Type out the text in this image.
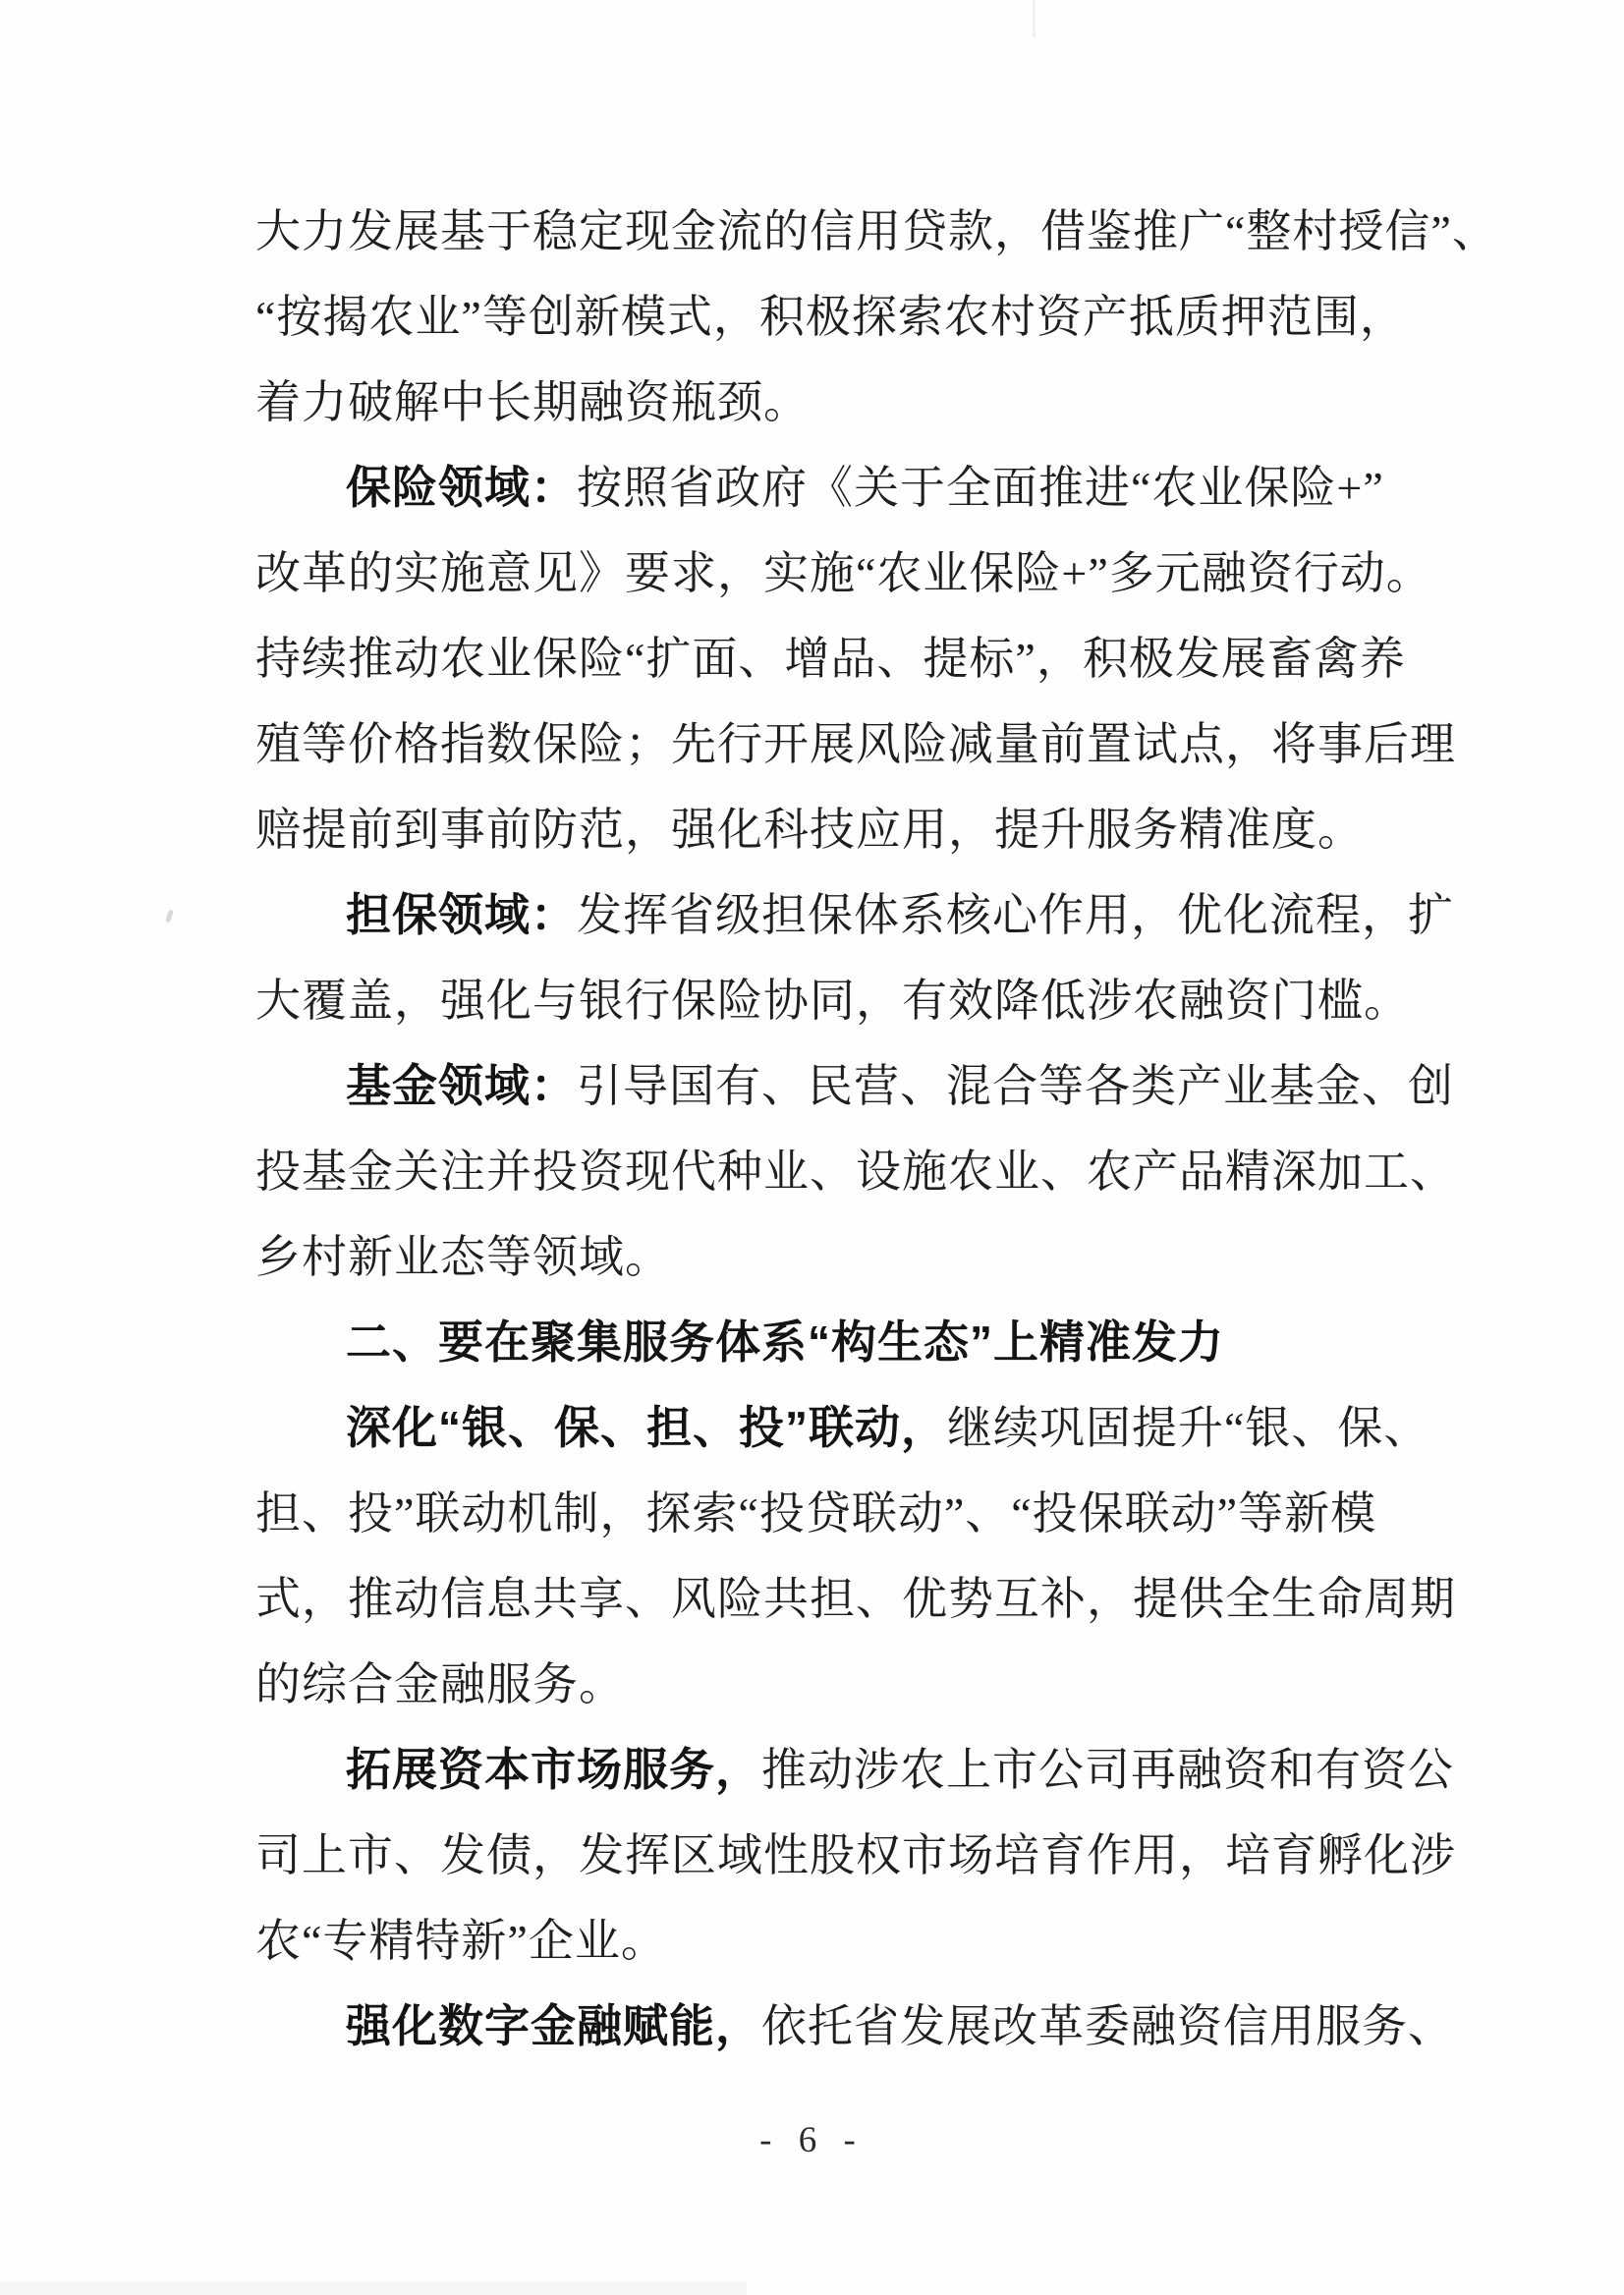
大力发展基于稳定现金流的信用贷款，借鉴推广“整村授信”、
“按揭农业”等创新模式，积极探索农村资产抵质押范围，
着力破解中长期融资瓶颈。
保险领域：按照省政府《关于全面推进“农业保险+”
改革的实施意见》要求，实施“农业保险+”多元融资行动。
持续推动农业保险“扩面、增品、提标”，积极发展畜禽养
殖等价格指数保险；先行开展风险减量前置试点，将事后理
赔提前到事前防范，强化科技应用，提升服务精准度。
担保领域：发挥省级担保体系核心作用，优化流程，扩
大覆盖，强化与银行保险协同，有效降低涉农融资门槛。
基金领域：引导国有、民营、混合等各类产业基金、创
投基金关注并投资现代种业、设施农业、农产品精深加工、
乡村新业态等领域。
二、要在聚集服务体系“构生态”上精准发力
深化“银、保、担、投”联动，继续巩固提升“银、保、
担、投”联动机制，探索“投贷联动”、“投保联动”等新模
式，推动信息共享、风险共担、优势互补，提供全生命周期
的综合金融服务。
拓展资本市场服务，推动涉农上市公司再融资和有资公
司上市、发债，发挥区域性股权市场培育作用，培育孵化涉
农“专精特新”企业。
强化数字金融赋能，依托省发展改革委融资信用服务、
- 6 -
